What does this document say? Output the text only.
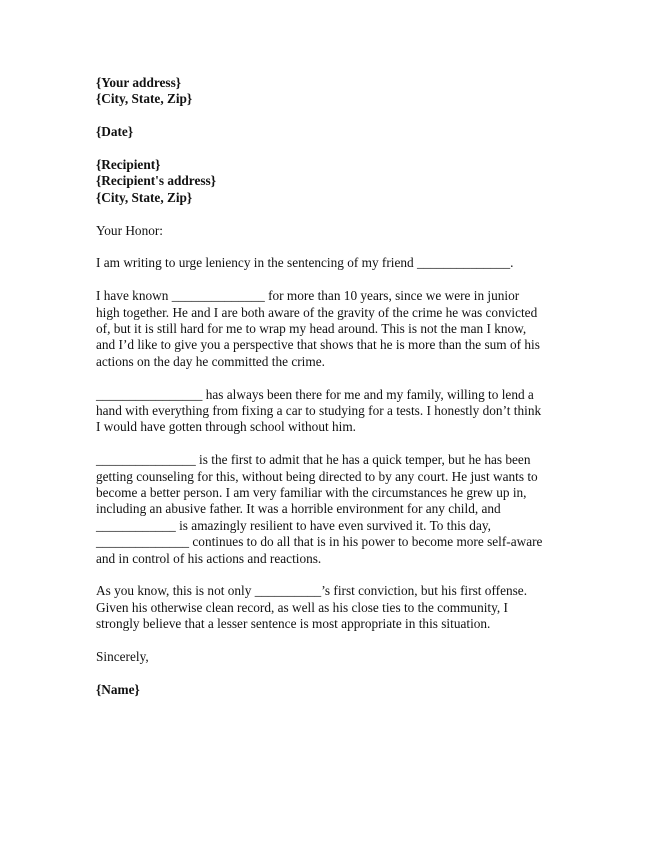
{Your address}
{City, State, Zip}
{Date}
{Recipient}
{Recipient's address}
{City, State, Zip}

Your Honor:

I am writing to urge leniency in the sentencing of my friend ______________.

I have known ______________ for more than 10 years, since we were in junior high together. He and I are both aware of the gravity of the crime he was convicted of, but it is still hard for me to wrap my head around. This is not the man I know, and I’d like to give you a perspective that shows that he is more than the sum of his actions on the day he committed the crime.

________________ has always been there for me and my family, willing to lend a hand with everything from fixing a car to studying for a tests. I honestly don’t think I would have gotten through school without him.

_______________ is the first to admit that he has a quick temper, but he has been getting counseling for this, without being directed to by any court. He just wants to become a better person. I am very familiar with the circumstances he grew up in, including an abusive father. It was a horrible environment for any child, and ____________ is amazingly resilient to have even survived it. To this day, ______________ continues to do all that is in his power to become more self-aware and in control of his actions and reactions.

As you know, this is not only __________’s first conviction, but his first offense. Given his otherwise clean record, as well as his close ties to the community, I strongly believe that a lesser sentence is most appropriate in this situation.

Sincerely,

{Name}
